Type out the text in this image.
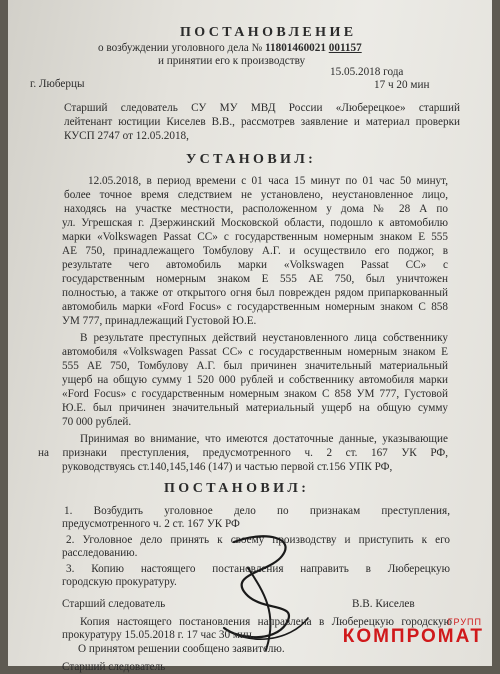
ПОСТАНОВЛЕНИЕ
о возбуждении уголовного дела № 11801460021 001157
и принятии его к производству
г. Люберцы
15.05.2018 года
17 ч 20 мин
Старший следователь СУ МУ МВД России «Люберецкое» старший
лейтенант юстиции Киселев В.В., рассмотрев заявление и материал проверки
КУСП 2747 от 12.05.2018,
УСТАНОВИЛ:
12.05.2018, в период времени с 01 часа 15 минут по 01 час 50 минут,
более точное время следствием не установлено, неустановленное лицо,
находясь на участке местности, расположенном у дома № 28 А по
ул. Угрешская г. Дзержинский Московской области, подошло к автомобилю
марки «Volkswagen Passat CC» с государственным номерным знаком Е 555
АЕ 750, принадлежащего Томбулову А.Г. и осуществило его поджог, в
результате чего автомобиль марки «Volkswagen Passat CC» с
государственным номерным знаком Е 555 АЕ 750, был уничтожен
полностью, а также от открытого огня был поврежден рядом припаркованный
автомобиль марки «Ford Focus» с государственным номерным знаком С 858
УМ 777, принадлежащий Густовой Ю.Е.
В результате преступных действий неустановленного лица собственнику
автомобиля «Volkswagen Passat CC» с государственным номерным знаком Е
555 АЕ 750, Томбулову А.Г. был причинен значительный материальный
ущерб на общую сумму 1 520 000 рублей и собственнику автомобиля марки
«Ford Focus» с государственным номерным знаком С 858 УМ 777, Густовой
Ю.Е. был причинен значительный материальный ущерб на общую сумму
70 000 рублей.
Принимая во внимание, что имеются достаточные данные, указывающие
на признаки преступления, предусмотренного ч. 2 ст. 167 УК РФ,
руководствуясь ст.140,145,146 (147) и частью первой ст.156 УПК РФ,
ПОСТАНОВИЛ:
1. Возбудить уголовное дело по признакам преступления,
предусмотренного ч. 2 ст. 167 УК РФ
2. Уголовное дело принять к своему производству и приступить к его
расследованию.
3. Копию настоящего постановления направить в Люберецкую
городскую прокуратуру.
Старший следователь	В.В. Киселев
Копия настоящего постановления направлена в Люберецкую городскую
прокуратуру 15.05.2018 г. 17 час 30 мин.
О принятом решении сообщено заявителю.
Старший следователь
ГРУПП
КОМПРОМАТ
